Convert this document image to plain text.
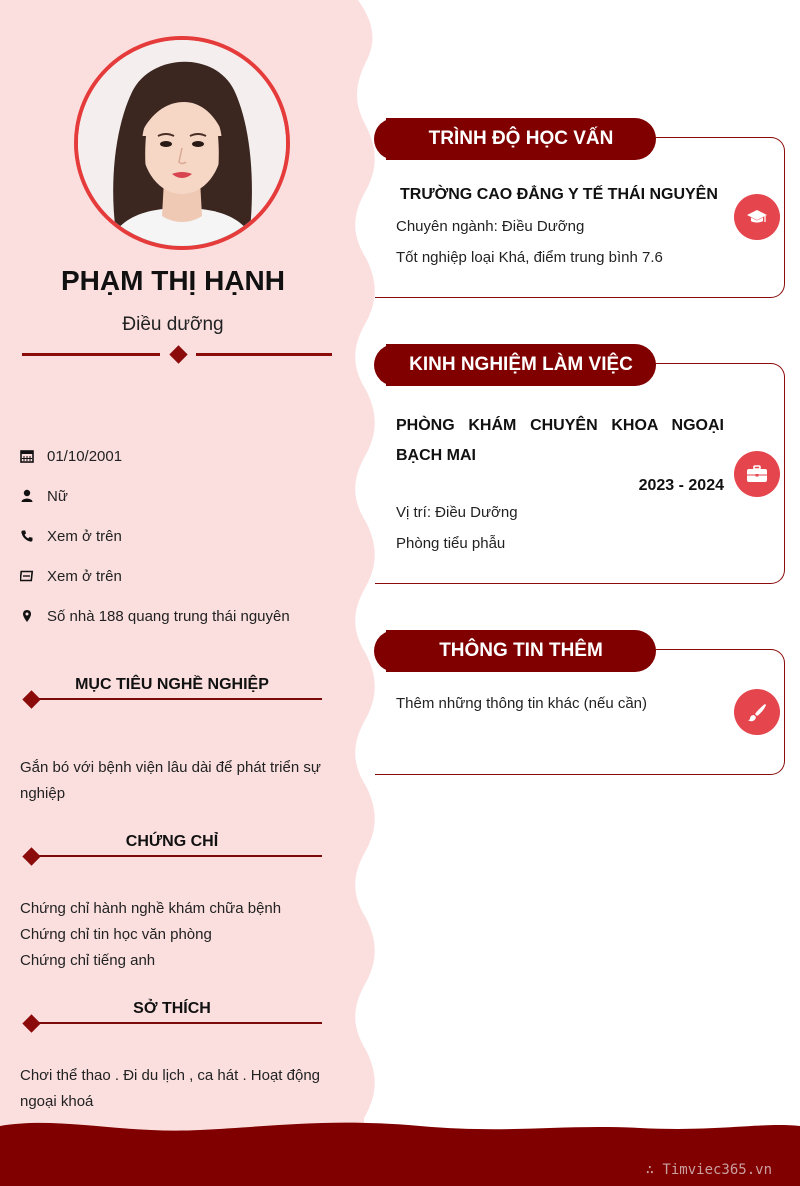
PHẠM THỊ HẠNH
Điều dưỡng
01/10/2001
Nữ
Xem ở trên
Xem ở trên
Số nhà 188 quang trung thái nguyên
MỤC TIÊU NGHỀ NGHIỆP
Gắn bó với bệnh viện lâu dài để phát triển sự nghiệp
CHỨNG CHỈ
Chứng chỉ hành nghề khám chữa bệnh
Chứng chỉ tin học văn phòng
Chứng chỉ tiếng anh
SỞ THÍCH
Chơi thể thao . Đi du lịch , ca hát . Hoạt động ngoại khoá
TRÌNH ĐỘ HỌC VẤN
TRƯỜNG CAO ĐẲNG Y TẾ THÁI NGUYÊN
Chuyên ngành: Điều Dưỡng
Tốt nghiệp loại Khá, điểm trung bình 7.6
KINH NGHIỆM LÀM VIỆC
PHÒNG KHÁM CHUYÊN KHOA NGOẠI
BẠCH MAI
2023 - 2024
Vị trí: Điều Dưỡng
Phòng tiểu phẫu
THÔNG TIN THÊM
Thêm những thông tin khác (nếu cần)
∴ Timviec365.vn
